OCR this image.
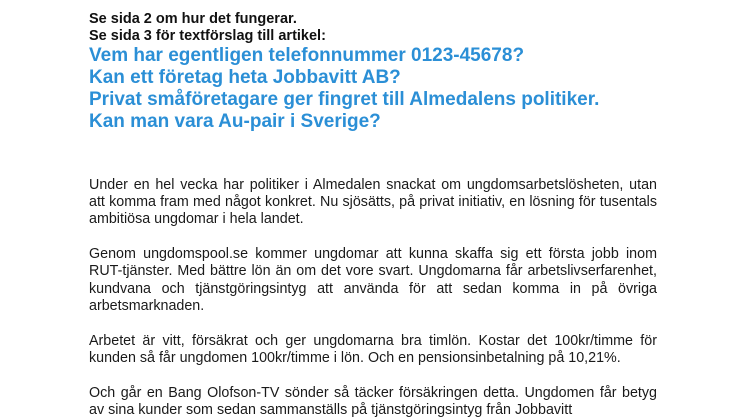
Se sida 2 om hur det fungerar.
Se sida 3 för textförslag till artikel:
Vem har egentligen telefonnummer 0123-45678?
Kan ett företag heta Jobbavitt AB?
Privat småföretagare ger fingret till Almedalens politiker.
Kan man vara Au-pair i Sverige?

Under en hel vecka har politiker i Almedalen snackat om ungdomsarbetslösheten, utan att komma fram med något konkret. Nu sjösätts, på privat initiativ, en lösning för tusentals ambitiösa ungdomar i hela landet.

Genom ungdomspool.se kommer ungdomar att kunna skaffa sig ett första jobb inom RUT-tjänster. Med bättre lön än om det vore svart. Ungdomarna får arbetslivserfarenhet, kundvana och tjänstgöringsintyg att använda för att sedan komma in på övriga arbetsmarknaden.

Arbetet är vitt, försäkrat och ger ungdomarna bra timlön. Kostar det 100kr/timme för kunden så får ungdomen 100kr/timme i lön. Och en pensionsinbetalning på 10,21%.

Och går en Bang Olofson-TV sönder så täcker försäkringen detta. Ungdomen får betyg av sina kunder som sedan sammanställs på tjänstgöringsintyg från Jobbavitt
